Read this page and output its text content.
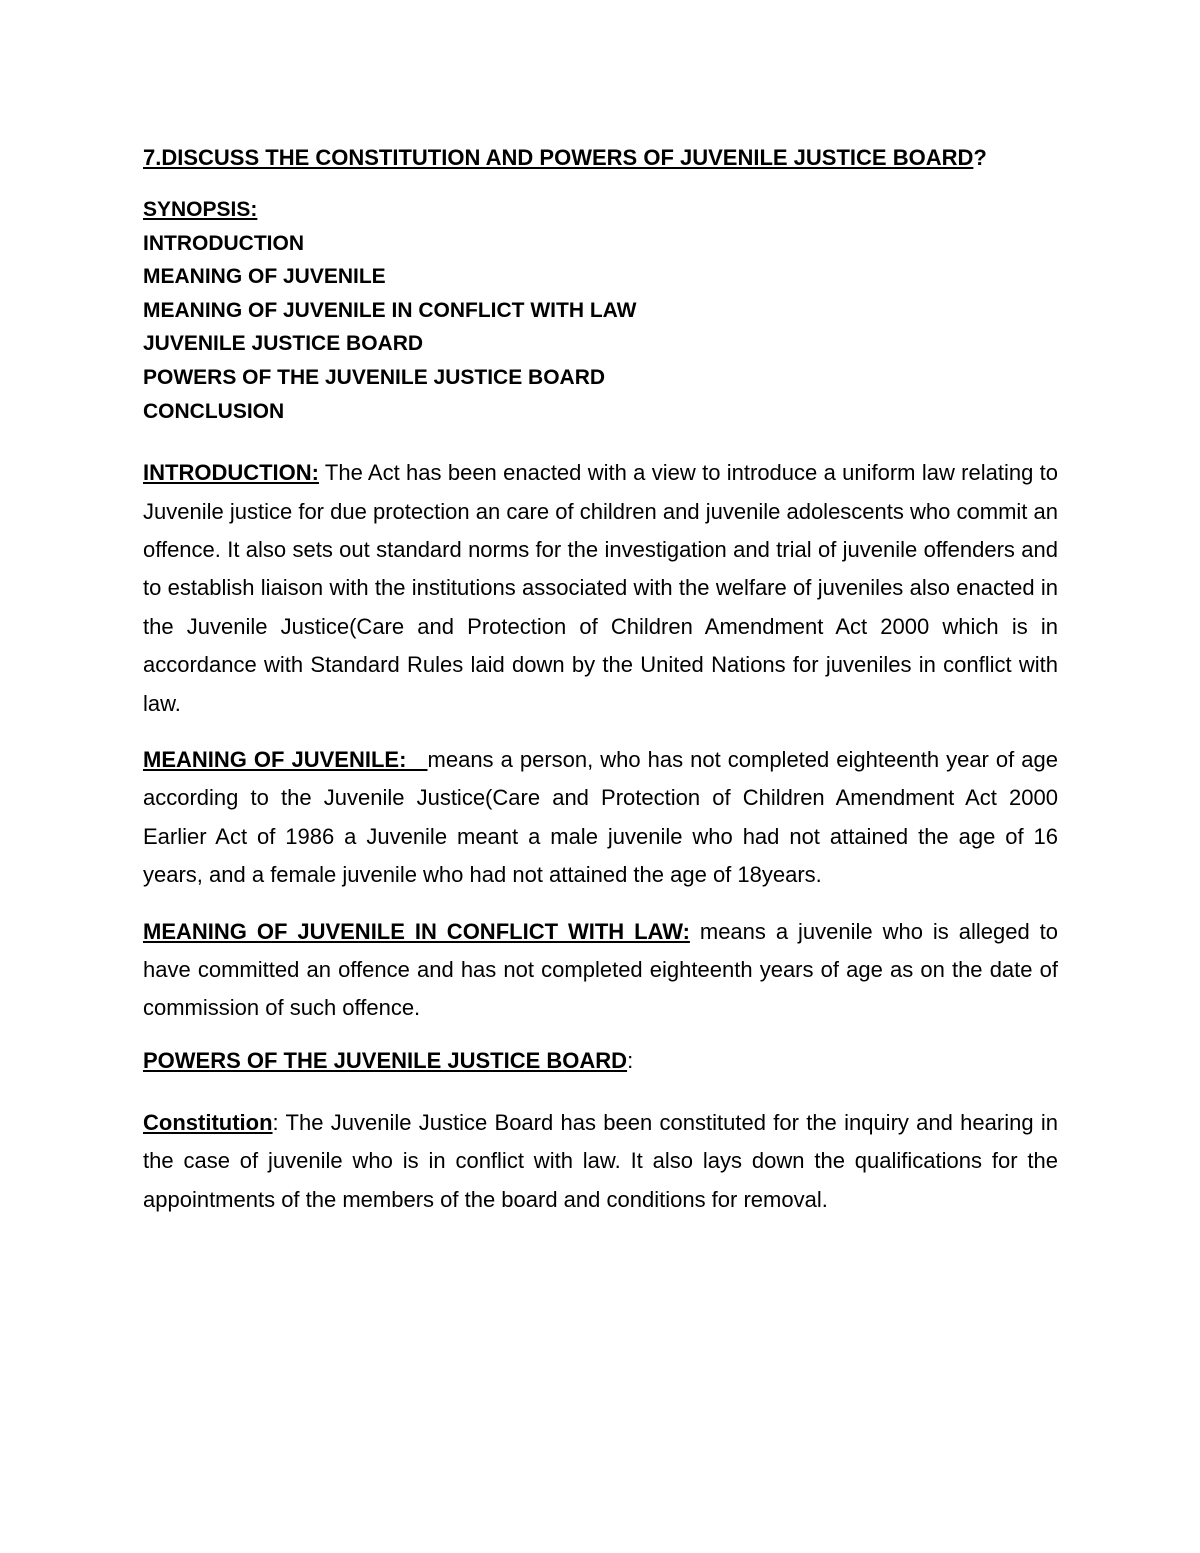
7.DISCUSS THE CONSTITUTION AND POWERS OF JUVENILE JUSTICE BOARD?
SYNOPSIS:
INTRODUCTION
MEANING OF JUVENILE
MEANING OF JUVENILE IN CONFLICT WITH LAW
JUVENILE JUSTICE BOARD
POWERS OF THE JUVENILE JUSTICE BOARD
CONCLUSION

INTRODUCTION: The Act has been enacted with a view to introduce a uniform law relating to Juvenile justice for due protection an care of children and juvenile adolescents who commit an offence. It also sets out standard norms for the investigation and trial of juvenile offenders and to establish liaison with the institutions associated with the welfare of juveniles also enacted in the Juvenile Justice(Care and Protection of Children Amendment Act 2000 which is in accordance with Standard Rules laid down by the United Nations for juveniles in conflict with law.

MEANING OF JUVENILE:   means a person, who has not completed eighteenth year of age according to the Juvenile Justice(Care and Protection of Children Amendment Act 2000 Earlier Act of 1986 a Juvenile meant a male juvenile who had not attained the age of 16 years, and a female juvenile who had not attained the age of 18years.

MEANING OF JUVENILE IN CONFLICT WITH LAW: means a juvenile who is alleged to have committed an offence and has not completed eighteenth years of age as on the date of commission of such offence.

POWERS OF THE JUVENILE JUSTICE BOARD:

Constitution: The Juvenile Justice Board has been constituted for the inquiry and hearing in the case of juvenile who is in conflict with law. It also lays down the qualifications for the appointments of the members of the board and conditions for removal.
